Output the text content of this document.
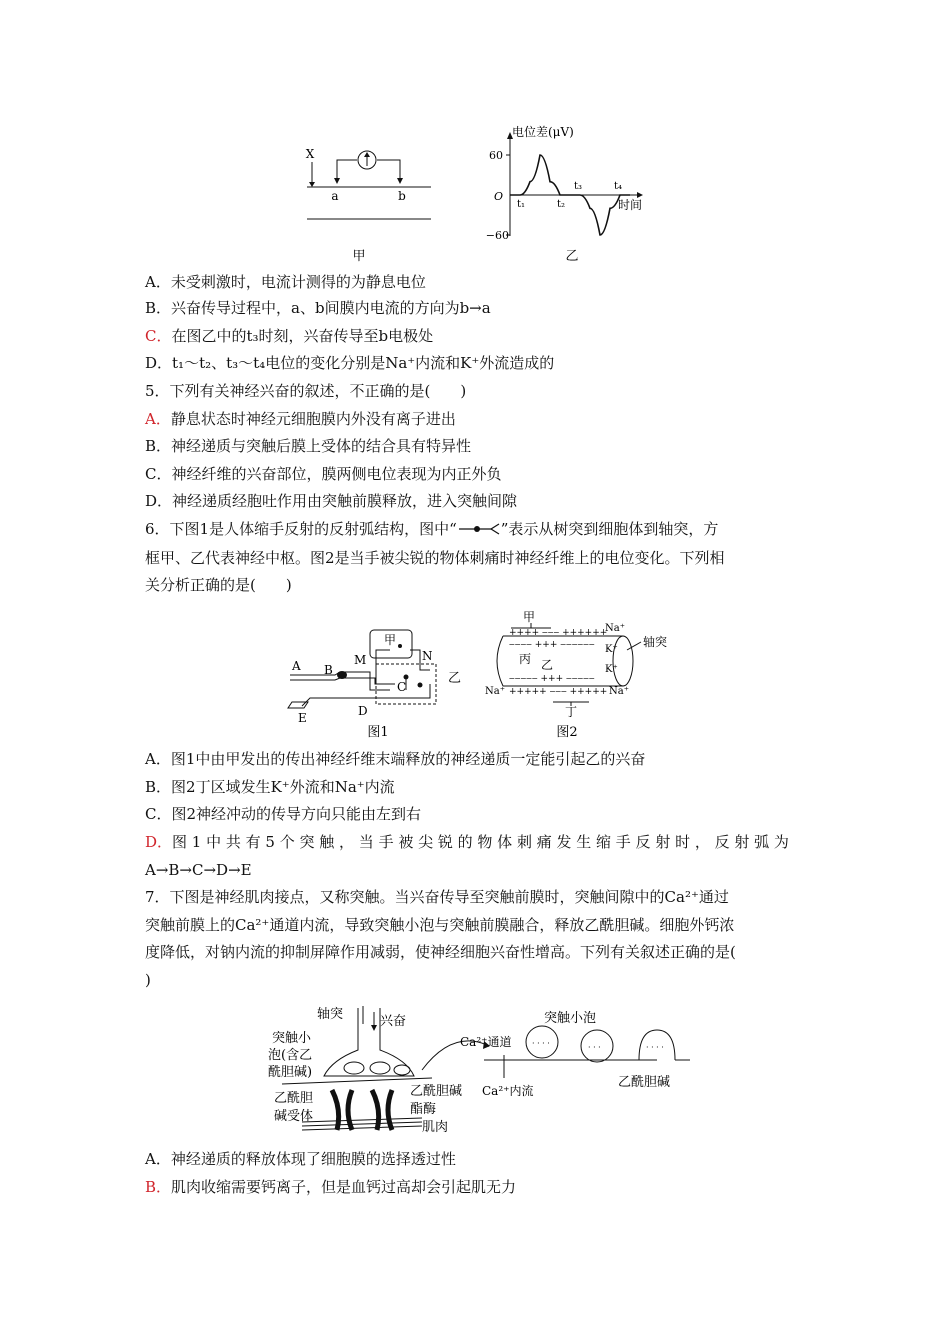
X
a	b
甲
电位差(μV)
60
O
−60
t₁	t₂
t₃	t₄
时间
乙
A．未受刺激时，电流计测得的为静息电位
B．兴奋传导过程中，a、b间膜内电流的方向为b→a
C．在图乙中的t₃时刻，兴奋传导至b电极处
D．t₁～t₂、t₃～t₄电位的变化分别是Na⁺内流和K⁺外流造成的
5．下列有关神经兴奋的叙述，不正确的是(　　)
A．静息状态时神经元细胞膜内外没有离子进出
B．神经递质与突触后膜上受体的结合具有特异性
C．神经纤维的兴奋部位，膜两侧电位表现为内正外负
D．神经递质经胞吐作用由突触前膜释放，进入突触间隙
6．下图1是人体缩手反射的反射弧结构，图中“	”表示从树突到细胞体到轴突，方
框甲、乙代表神经中枢。图2是当手被尖锐的物体刺痛时神经纤维上的电位变化。下列相
关分析正确的是(　　)
甲
乙
A B
M	N
C
D
E
图1
甲
++++ ‒‒‒ ++++++
‒‒‒‒ +++ ‒‒‒‒‒‒
‒‒‒‒‒ +++ ‒‒‒‒‒
+++++ ‒‒‒ +++++
丙 乙
Na⁺
K⁺
K⁺
Na⁺	Na⁺
轴突
丁
图2
A．图1中由甲发出的传出神经纤维末端释放的神经递质一定能引起乙的兴奋
B．图2丁区域发生K⁺外流和Na⁺内流
C．图2神经冲动的传导方向只能由左到右
D．图 1 中 共 有 5 个 突 触 ， 当 手 被 尖 锐 的 物 体 刺 痛 发 生 缩 手 反 射 时 ， 反 射 弧 为
A→B→C→D→E
7．下图是神经肌肉接点，又称突触。当兴奋传导至突触前膜时，突触间隙中的Ca²⁺通过
突触前膜上的Ca²⁺通道内流，导致突触小泡与突触前膜融合，释放乙酰胆碱。细胞外钙浓
度降低，对钠内流的抑制屏障作用减弱，使神经细胞兴奋性增高。下列有关叙述正确的是(
)
轴突	兴奋
突触小
泡(含乙
酰胆碱)
乙酰胆碱
乙酰胆
碱受体	酯酶
肌肉
Ca²⁺通道
Ca²⁺内流
突触小泡
· · · ·	· · ·	· · · ·
乙酰胆碱
A．神经递质的释放体现了细胞膜的选择透过性
B．肌肉收缩需要钙离子，但是血钙过高却会引起肌无力
